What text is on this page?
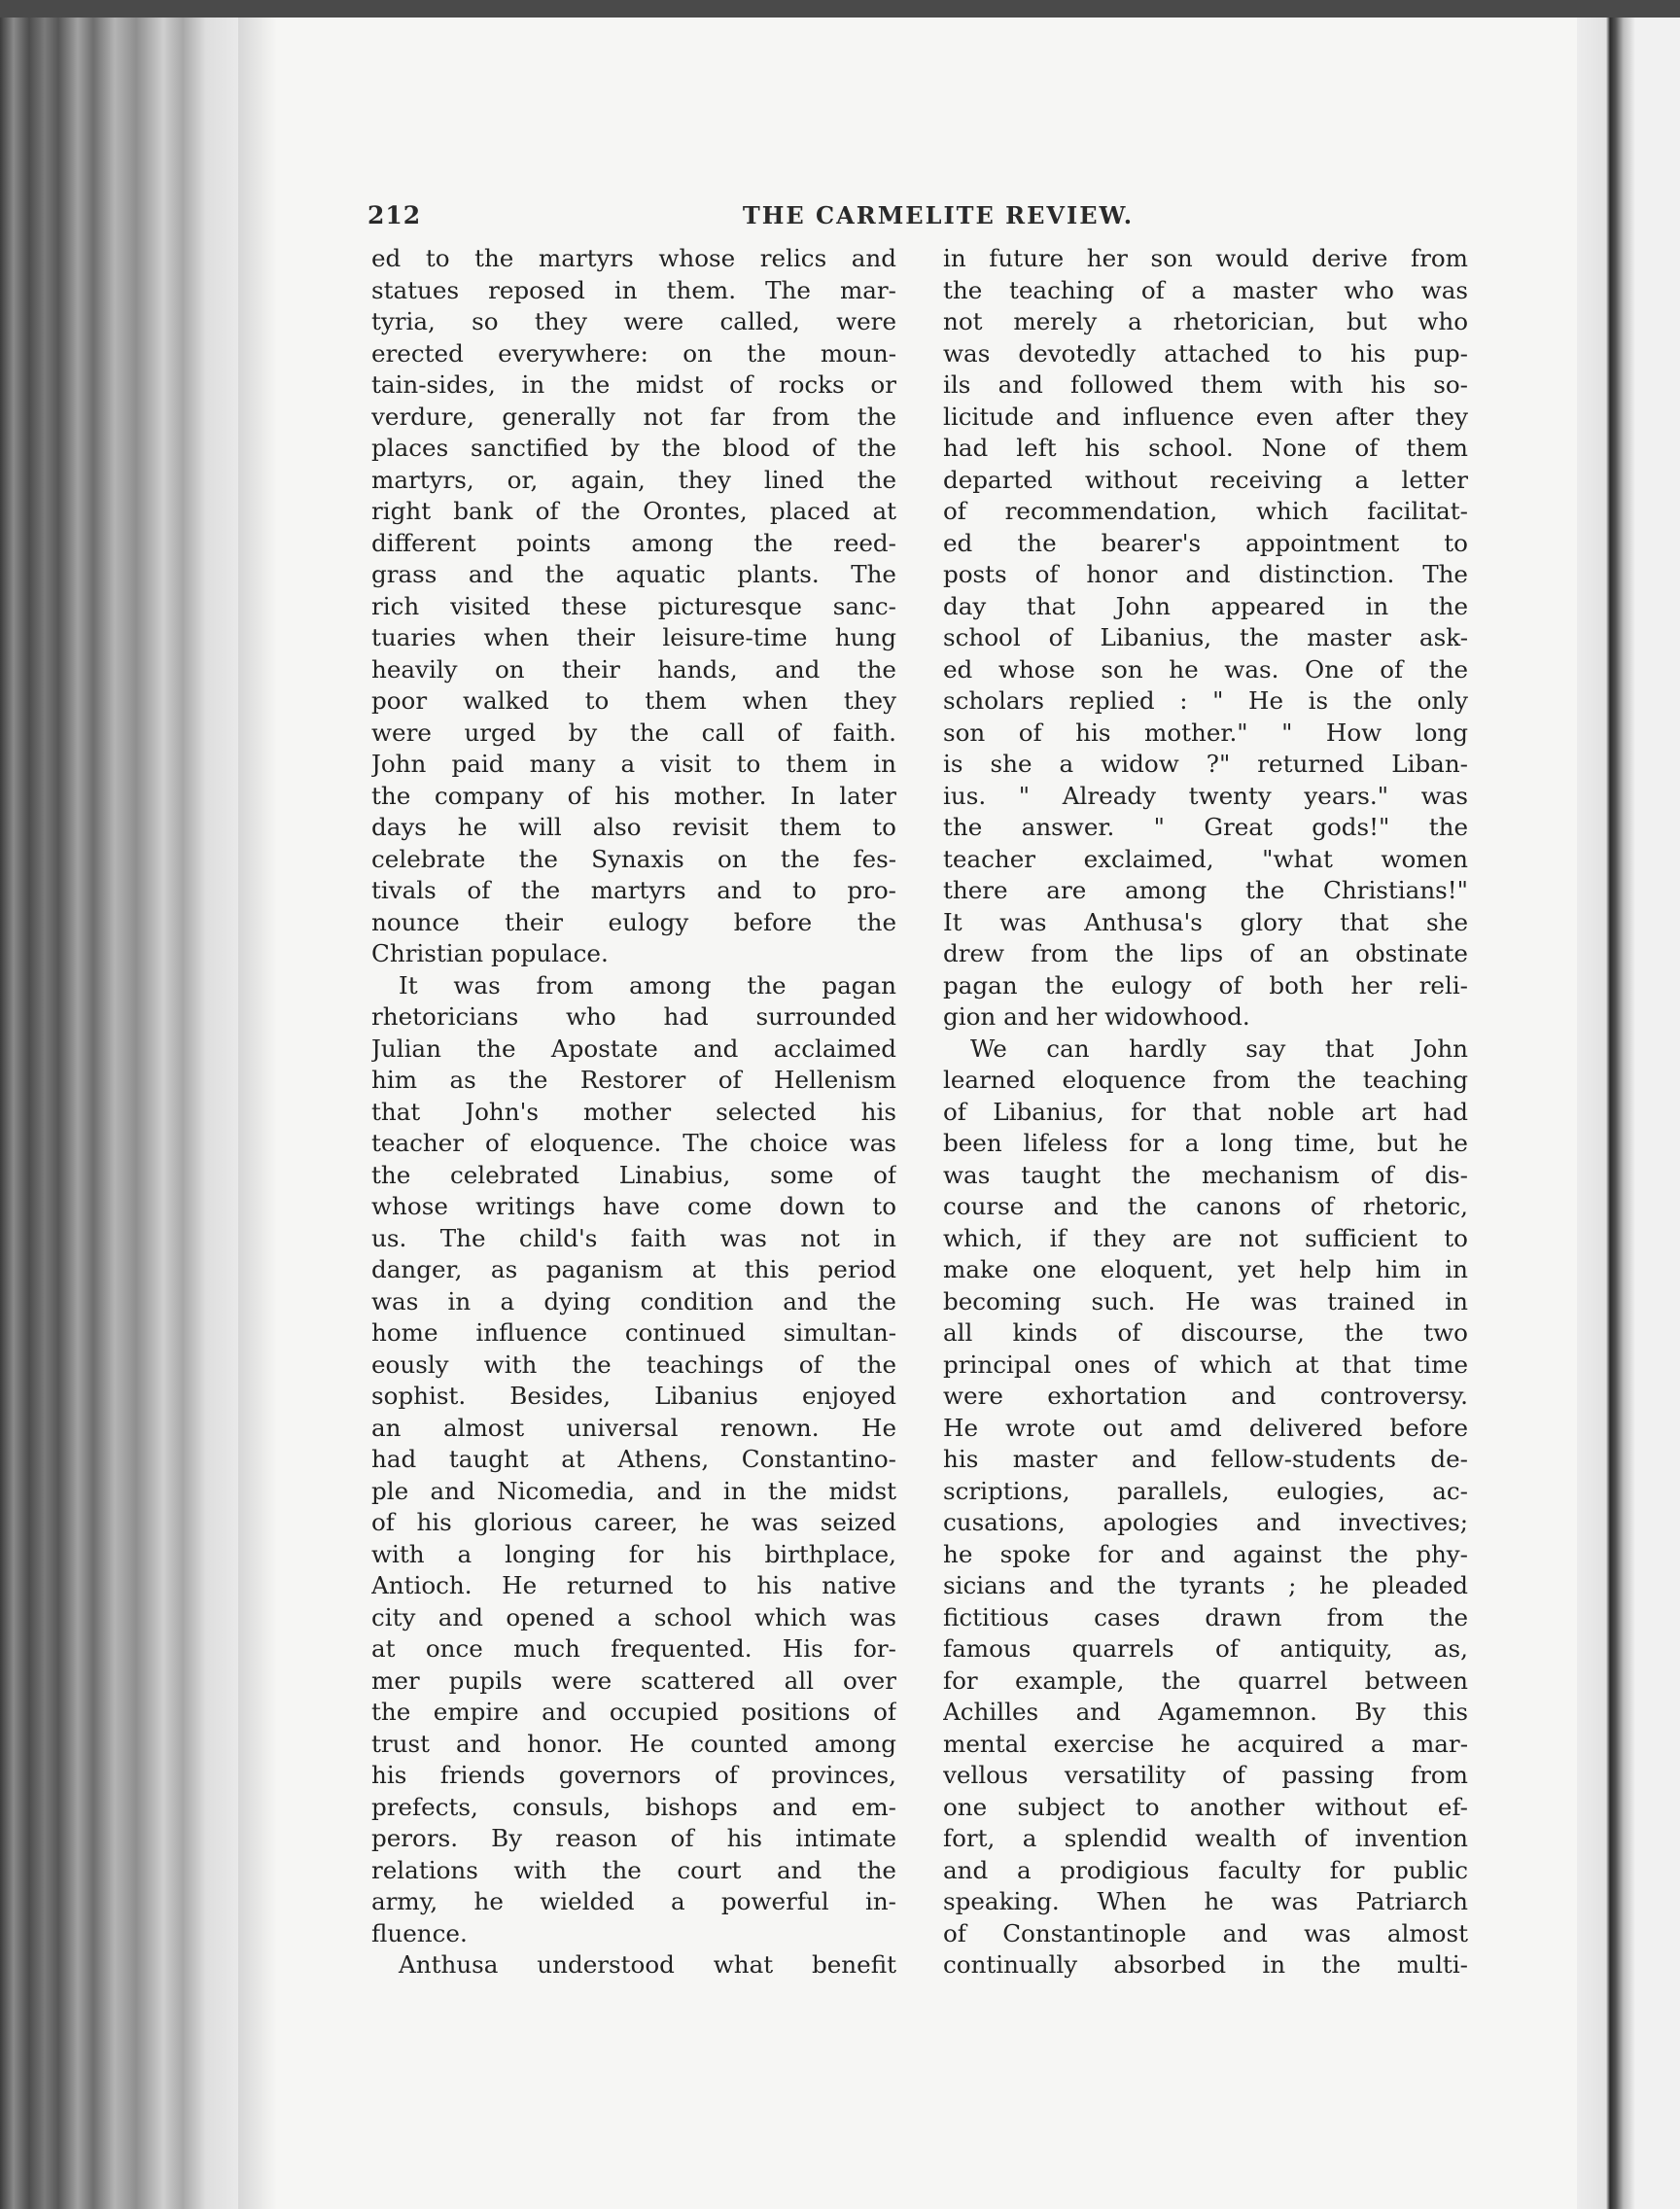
212	THE CARMELITE REVIEW.
ed to the martyrs whose relics and
statues reposed in them. The mar-
tyria, so they were called, were
erected everywhere: on the moun-
tain-sides, in the midst of rocks or
verdure, generally not far from the
places sanctified by the blood of the
martyrs, or, again, they lined the
right bank of the Orontes, placed at
different points among the reed-
grass and the aquatic plants. The
rich visited these picturesque sanc-
tuaries when their leisure-time hung
heavily on their hands, and the
poor walked to them when they
were urged by the call of faith.
John paid many a visit to them in
the company of his mother. In later
days he will also revisit them to
celebrate the Synaxis on the fes-
tivals of the martyrs and to pro-
nounce their eulogy before the
Christian populace.
It was from among the pagan
rhetoricians who had surrounded
Julian the Apostate and acclaimed
him as the Restorer of Hellenism
that John's mother selected his
teacher of eloquence. The choice was
the celebrated Linabius, some of
whose writings have come down to
us. The child's faith was not in
danger, as paganism at this period
was in a dying condition and the
home influence continued simultan-
eously with the teachings of the
sophist. Besides, Libanius enjoyed
an almost universal renown. He
had taught at Athens, Constantino-
ple and Nicomedia, and in the midst
of his glorious career, he was seized
with a longing for his birthplace,
Antioch. He returned to his native
city and opened a school which was
at once much frequented. His for-
mer pupils were scattered all over
the empire and occupied positions of
trust and honor. He counted among
his friends governors of provinces,
prefects, consuls, bishops and em-
perors. By reason of his intimate
relations with the court and the
army, he wielded a powerful in-
fluence.
Anthusa understood what benefit
in future her son would derive from
the teaching of a master who was
not merely a rhetorician, but who
was devotedly attached to his pup-
ils and followed them with his so-
licitude and influence even after they
had left his school. None of them
departed without receiving a letter
of recommendation, which facilitat-
ed the bearer's appointment to
posts of honor and distinction. The
day that John appeared in the
school of Libanius, the master ask-
ed whose son he was. One of the
scholars replied : " He is the only
son of his mother." " How long
is she a widow ?" returned Liban-
ius. " Already twenty years." was
the answer. " Great gods!" the
teacher exclaimed, "what women
there are among the Christians!"
It was Anthusa's glory that she
drew from the lips of an obstinate
pagan the eulogy of both her reli-
gion and her widowhood.
We can hardly say that John
learned eloquence from the teaching
of Libanius, for that noble art had
been lifeless for a long time, but he
was taught the mechanism of dis-
course and the canons of rhetoric,
which, if they are not sufficient to
make one eloquent, yet help him in
becoming such. He was trained in
all kinds of discourse, the two
principal ones of which at that time
were exhortation and controversy.
He wrote out amd delivered before
his master and fellow-students de-
scriptions, parallels, eulogies, ac-
cusations, apologies and invectives;
he spoke for and against the phy-
sicians and the tyrants ; he pleaded
fictitious cases drawn from the
famous quarrels of antiquity, as,
for example, the quarrel between
Achilles and Agamemnon. By this
mental exercise he acquired a mar-
vellous versatility of passing from
one subject to another without ef-
fort, a splendid wealth of invention
and a prodigious faculty for public
speaking. When he was Patriarch
of Constantinople and was almost
continually absorbed in the multi-
